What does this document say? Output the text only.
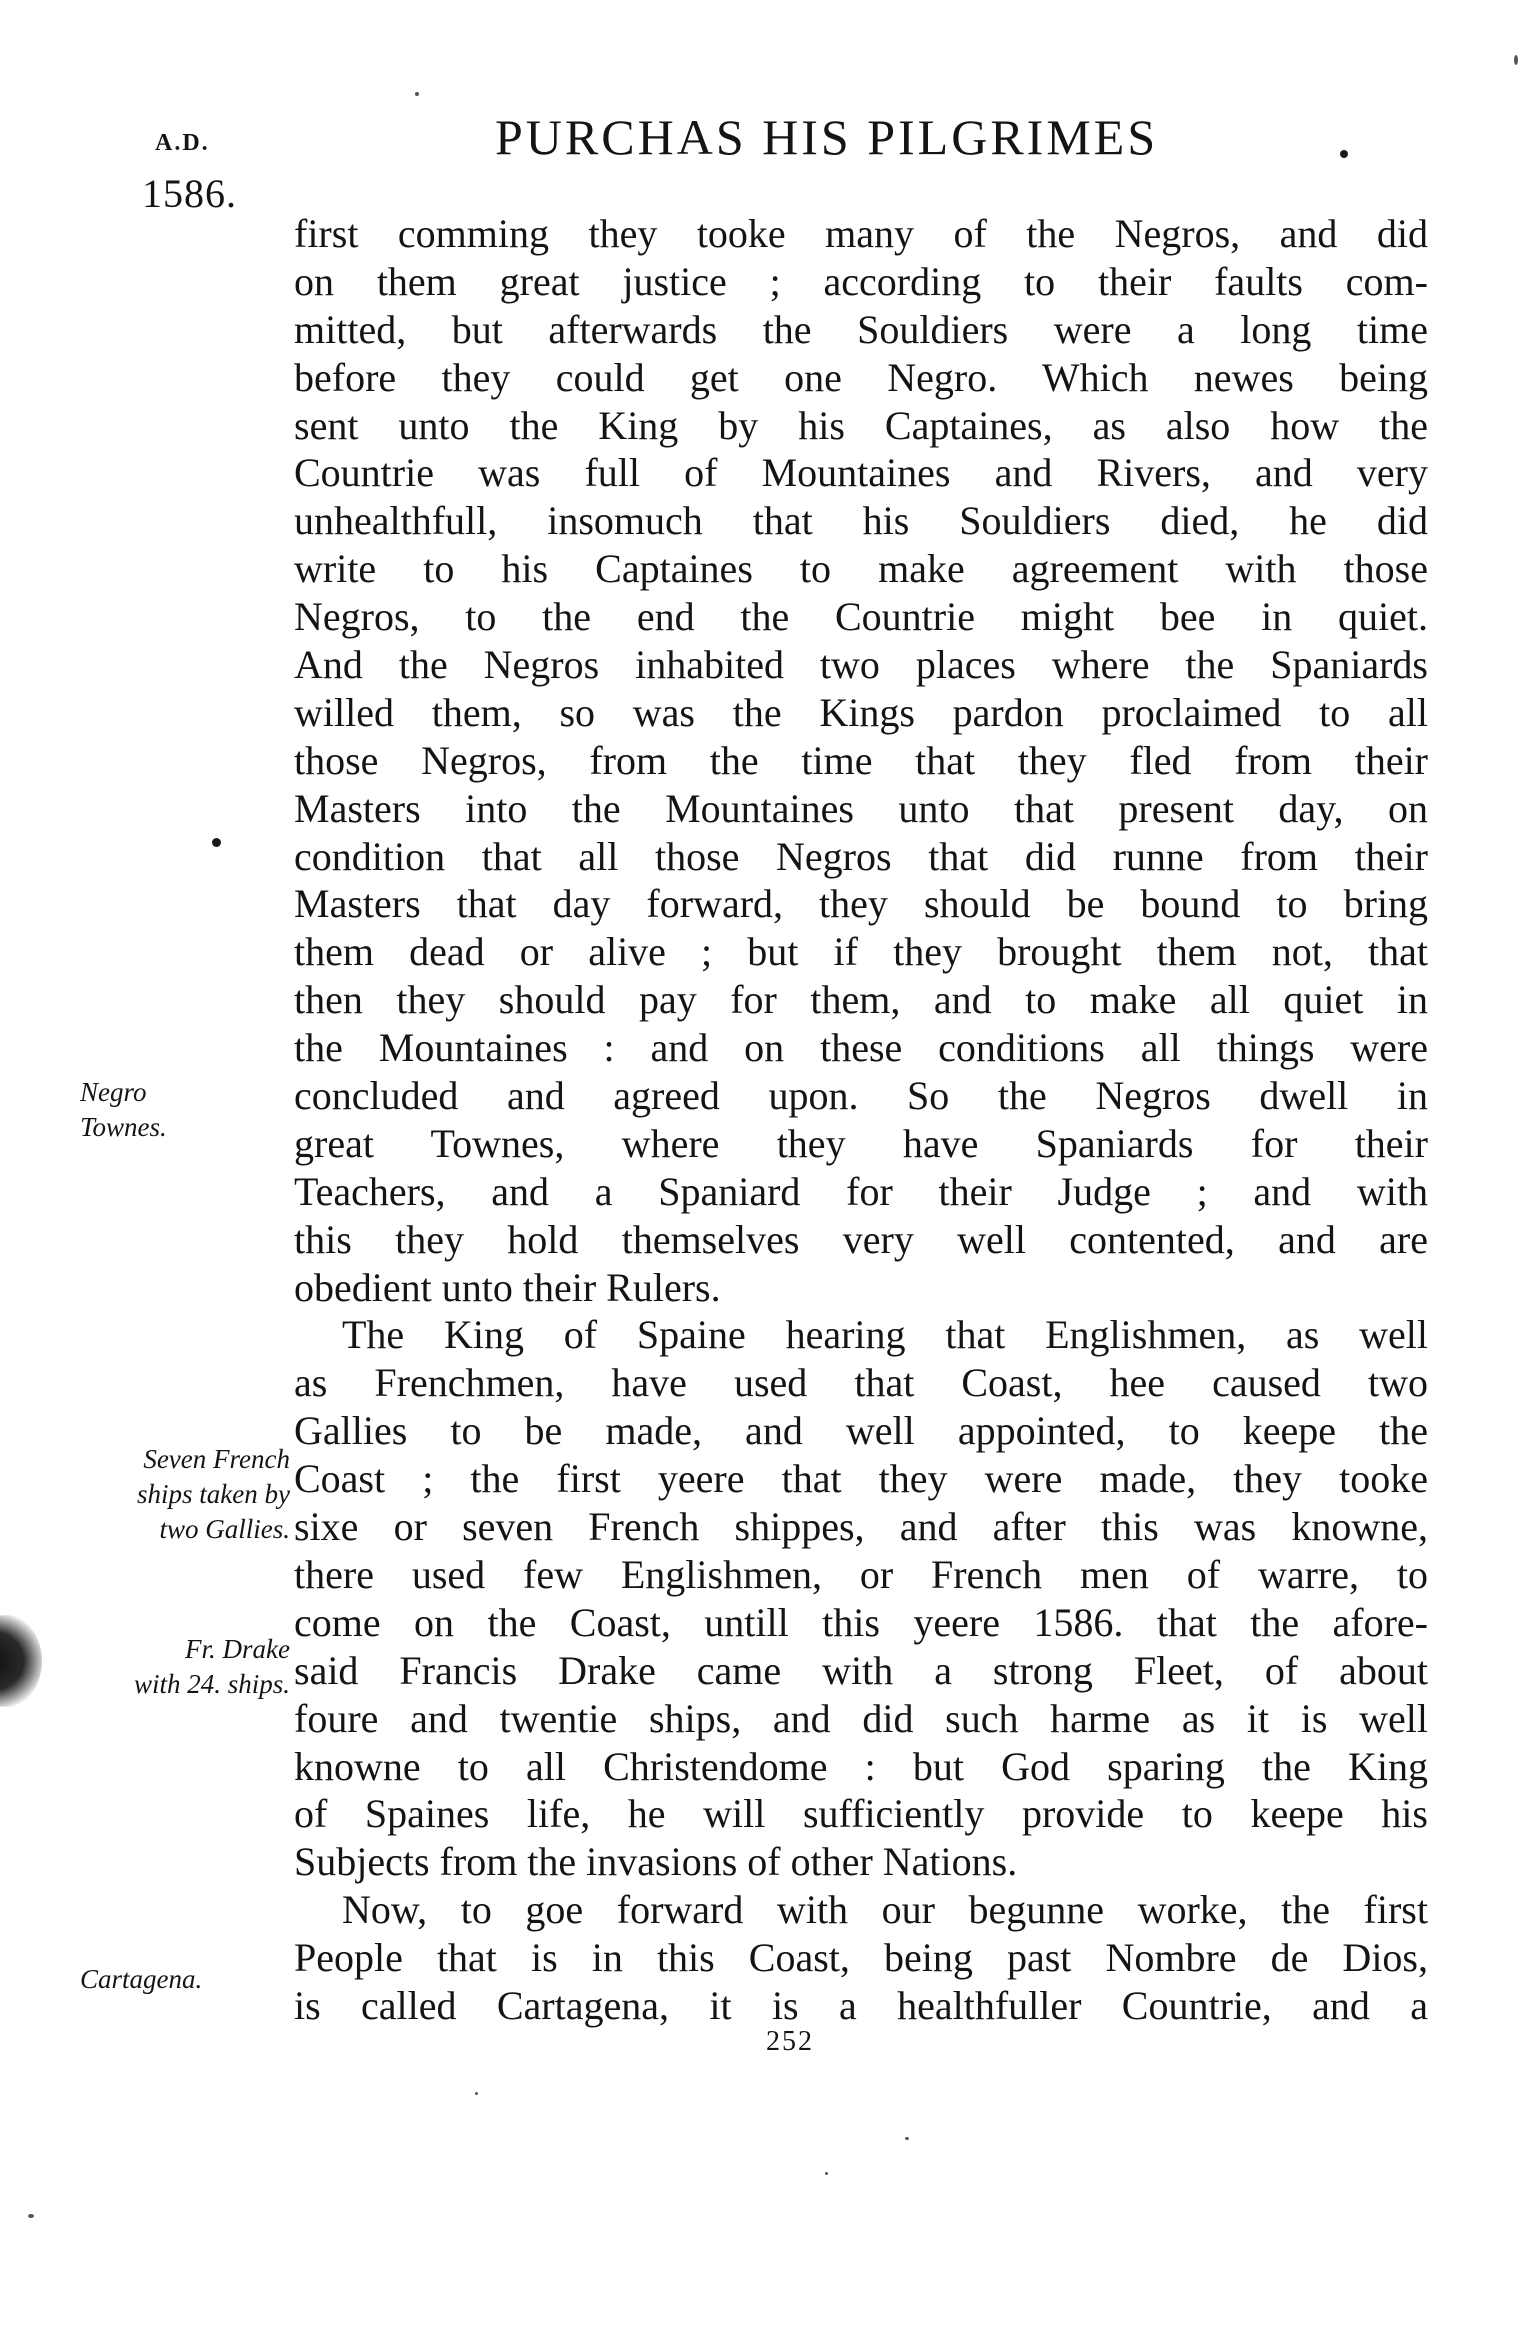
A.D.
1586.
PURCHAS HIS PILGRIMES
first comming they tooke many of the Negros, and did
on them great justice ; according to their faults com-
mitted, but afterwards the Souldiers were a long time
before they could get one Negro. Which newes being
sent unto the King by his Captaines, as also how the
Countrie was full of Mountaines and Rivers, and very
unhealthfull, insomuch that his Souldiers died, he did
write to his Captaines to make agreement with those
Negros, to the end the Countrie might bee in quiet.
And the Negros inhabited two places where the Spaniards
willed them, so was the Kings pardon proclaimed to all
those Negros, from the time that they fled from their
Masters into the Mountaines unto that present day, on
condition that all those Negros that did runne from their
Masters that day forward, they should be bound to bring
them dead or alive ; but if they brought them not, that
then they should pay for them, and to make all quiet in
the Mountaines : and on these conditions all things were
concluded and agreed upon. So the Negros dwell in
great Townes, where they have Spaniards for their
Teachers, and a Spaniard for their Judge ; and with
this they hold themselves very well contented, and are
obedient unto their Rulers.
The King of Spaine hearing that Englishmen, as well
as Frenchmen, have used that Coast, hee caused two
Gallies to be made, and well appointed, to keepe the
Coast ; the first yeere that they were made, they tooke
sixe or seven French shippes, and after this was knowne,
there used few Englishmen, or French men of warre, to
come on the Coast, untill this yeere 1586. that the afore-
said Francis Drake came with a strong Fleet, of about
foure and twentie ships, and did such harme as it is well
knowne to all Christendome : but God sparing the King
of Spaines life, he will sufficiently provide to keepe his
Subjects from the invasions of other Nations.
Now, to goe forward with our begunne worke, the first
People that is in this Coast, being past Nombre de Dios,
is called Cartagena, it is a healthfuller Countrie, and a
Negro
Townes.
Seven French
ships taken by
two Gallies.
Fr. Drake
with 24. ships.
Cartagena.
252
